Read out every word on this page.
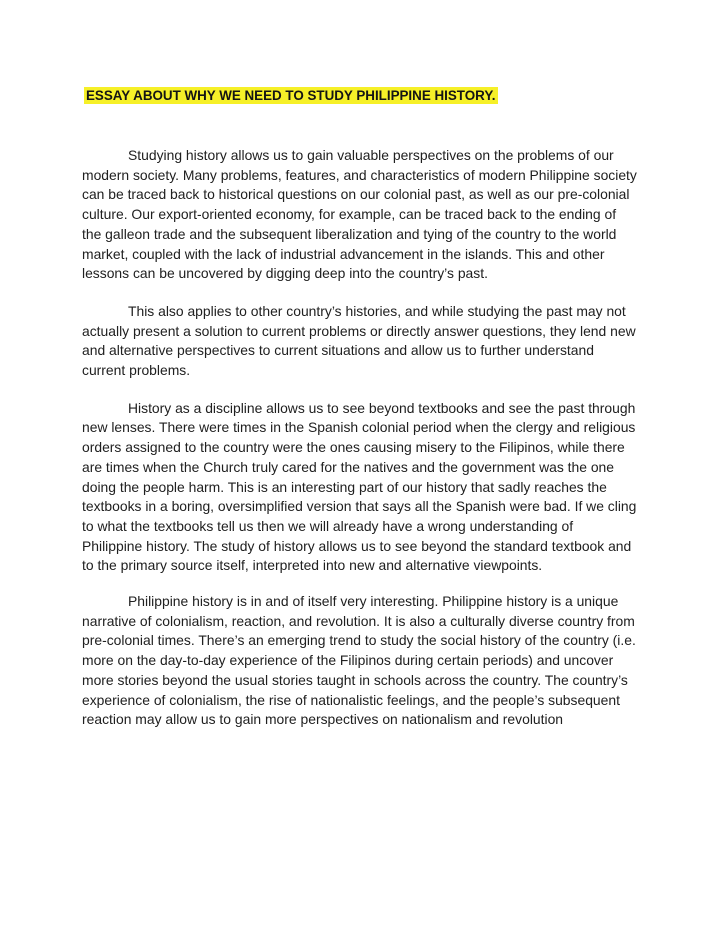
ESSAY ABOUT WHY WE NEED TO STUDY PHILIPPINE HISTORY.

Studying history allows us to gain valuable perspectives on the problems of our modern society. Many problems, features, and characteristics of modern Philippine society can be traced back to historical questions on our colonial past, as well as our pre-colonial culture. Our export-oriented economy, for example, can be traced back to the ending of the galleon trade and the subsequent liberalization and tying of the country to the world market, coupled with the lack of industrial advancement in the islands. This and other lessons can be uncovered by digging deep into the country’s past.

This also applies to other country’s histories, and while studying the past may not actually present a solution to current problems or directly answer questions, they lend new and alternative perspectives to current situations and allow us to further understand current problems.

History as a discipline allows us to see beyond textbooks and see the past through new lenses. There were times in the Spanish colonial period when the clergy and religious orders assigned to the country were the ones causing misery to the Filipinos, while there are times when the Church truly cared for the natives and the government was the one doing the people harm. This is an interesting part of our history that sadly reaches the textbooks in a boring, oversimplified version that says all the Spanish were bad. If we cling to what the textbooks tell us then we will already have a wrong understanding of Philippine history. The study of history allows us to see beyond the standard textbook and to the primary source itself, interpreted into new and alternative viewpoints.

Philippine history is in and of itself very interesting. Philippine history is a unique narrative of colonialism, reaction, and revolution. It is also a culturally diverse country from pre-colonial times. There’s an emerging trend to study the social history of the country (i.e. more on the day-to-day experience of the Filipinos during certain periods) and uncover more stories beyond the usual stories taught in schools across the country. The country’s experience of colonialism, the rise of nationalistic feelings, and the people’s subsequent reaction may allow us to gain more perspectives on nationalism and revolution
